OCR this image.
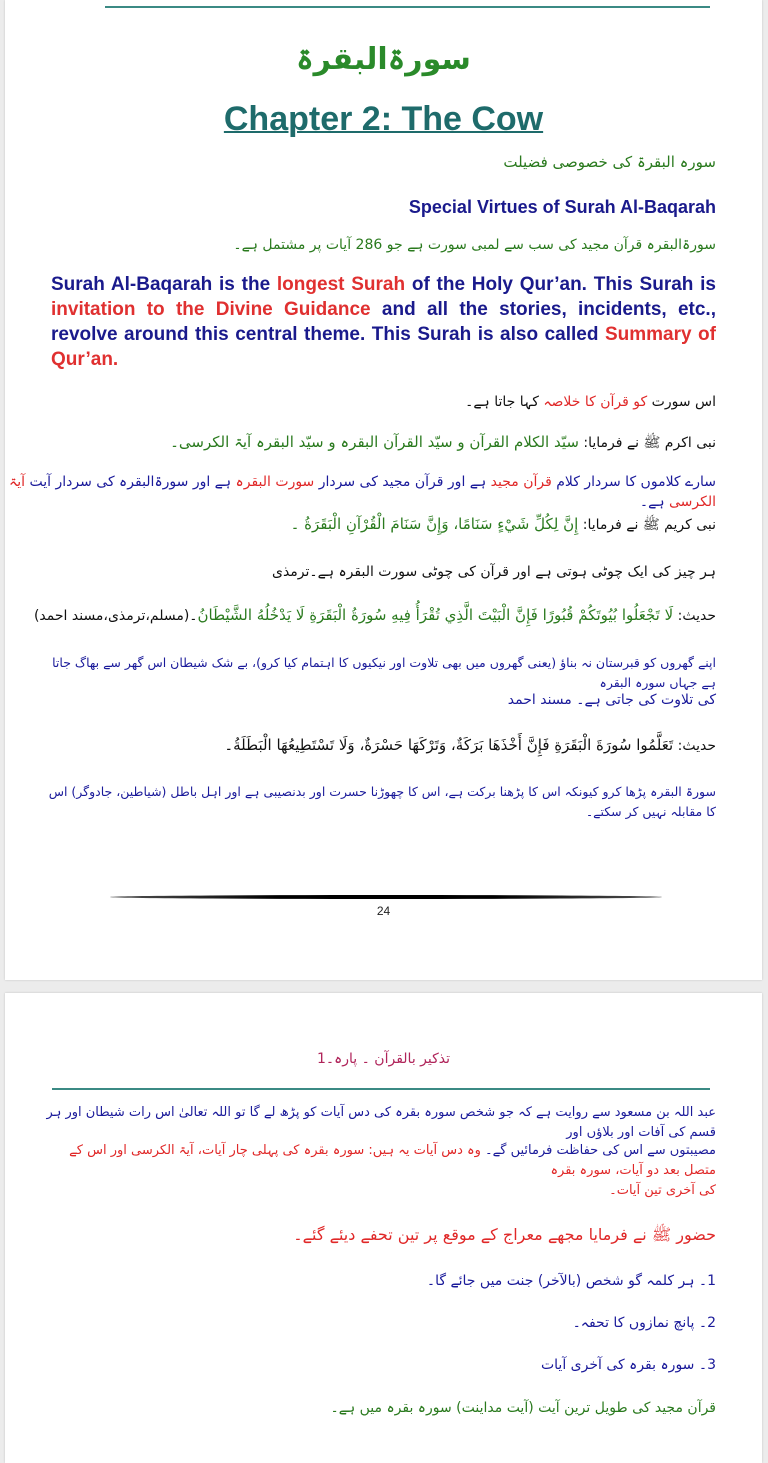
سورۃالبقرۃ
Chapter 2: The Cow
سورہ البقرۃ کی خصوصی فضیلت
Special Virtues of Surah Al-Baqarah
سورۃالبقرہ قرآن مجید کی سب سے لمبی سورت ہے جو 286 آیات پر مشتمل ہے۔
Surah Al-Baqarah is the longest Surah of the Holy Qur’an. This Surah is invitation to the Divine Guidance and all the stories, incidents, etc., revolve around this central theme. This Surah is also called Summary of Qur’an.
اس سورت کو قرآن کا خلاصہ کہا جاتا ہے۔
نبی اکرم ﷺ نے فرمایا: سیّد الکلام القرآن و سیّد القرآن البقرہ و سیّد البقرہ آیۃ الکرسی۔
سارے کلاموں کا سردار کلام قرآن مجید ہے اور قرآن مجید کی سردار سورت البقرہ ہے اور سورۃالبقرہ کی سردار آیت آیۃ الکرسی ہے۔
نبی کریم ﷺ نے فرمایا: إِنَّ لِكُلِّ شَيْءٍ سَنَامًا، وَإِنَّ سَنَامَ الْقُرْآنِ الْبَقَرَةُ ۔
ہر چیز کی ایک چوٹی ہوتی ہے اور قرآن کی چوٹی سورت البقرہ ہے۔ترمذی
حدیث: لَا تَجْعَلُوا بُيُوتَكُمْ قُبُورًا فَإِنَّ الْبَيْتَ الَّذِي تُقْرَأُ فِيهِ سُورَةُ الْبَقَرَةِ لَا يَدْخُلُهُ الشَّيْطَانُ۔(مسلم،ترمذی،مسند احمد)
اپنے گھروں کو قبرستان نہ بناؤ (یعنی گھروں میں بھی تلاوت اور نیکیوں کا اہتمام کیا کرو)، بے شک شیطان اس گھر سے بھاگ جاتا ہے جہاں سورہ البقرہ
کی تلاوت کی جاتی ہے۔ مسند احمد
حدیث: تَعَلَّمُوا سُورَةَ الْبَقَرَةِ فَإِنَّ أَخْذَهَا بَرَكَةٌ، وَتَرْكَهَا حَسْرَةٌ، وَلَا تَسْتَطِيعُهَا الْبَطَلَةُ۔
سورۃ البقرہ پڑھا کرو کیونکہ اس کا پڑھنا برکت ہے، اس کا چھوڑنا حسرت اور بدنصیبی ہے اور اہل باطل (شیاطین، جادوگر) اس کا مقابلہ نہیں کر سکتے۔
24
تذکیر بالقرآن ۔ پارہ۔1
عبد اللہ بن مسعود سے روایت ہے کہ جو شخص سورہ بقرہ کی دس آیات کو پڑھ لے گا تو اللہ تعالیٰ اس رات شیطان اور ہر قسم کی آفات اور بلاؤں اور
مصیبتوں سے اس کی حفاظت فرمائیں گے۔ وہ دس آیات یہ ہیں: سورہ بقرہ کی پہلی چار آیات، آیۃ الکرسی اور اس کے متصل بعد دو آیات، سورہ بقرہ
کی آخری تین آیات۔
حضور ﷺ نے فرمایا مجھے معراج کے موقع پر تین تحفے دیئے گئے۔
1۔ ہر کلمہ گو شخص (بالآخر) جنت میں جائے گا۔
2۔ پانچ نمازوں کا تحفہ۔
3۔ سورہ بقرہ کی آخری آیات
قرآن مجید کی طویل ترین آیت (آیت مداینت) سورہ بقرہ میں ہے۔
